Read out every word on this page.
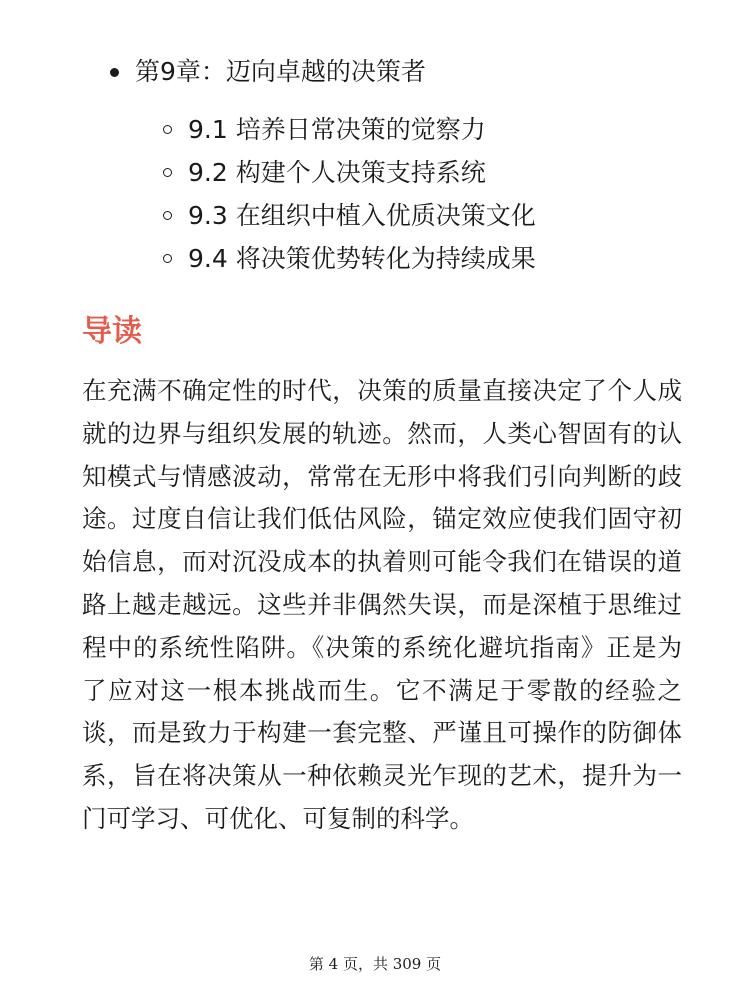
第9章：迈向卓越的决策者
9.1 培养日常决策的觉察力
9.2 构建个人决策支持系统
9.3 在组织中植入优质决策文化
9.4 将决策优势转化为持续成果
导读

在充满不确定性的时代，决策的质量直接决定了个人成就的边界与组织发展的轨迹。然而，人类心智固有的认知模式与情感波动，常常在无形中将我们引向判断的歧途。过度自信让我们低估风险，锚定效应使我们固守初始信息，而对沉没成本的执着则可能令我们在错误的道路上越走越远。这些并非偶然失误，而是深植于思维过程中的系统性陷阱。《决策的系统化避坑指南》正是为了应对这一根本挑战而生。它不满足于零散的经验之谈，而是致力于构建一套完整、严谨且可操作的防御体系，旨在将决策从一种依赖灵光乍现的艺术，提升为一门可学习、可优化、可复制的科学。

第 4 页，共 309 页
